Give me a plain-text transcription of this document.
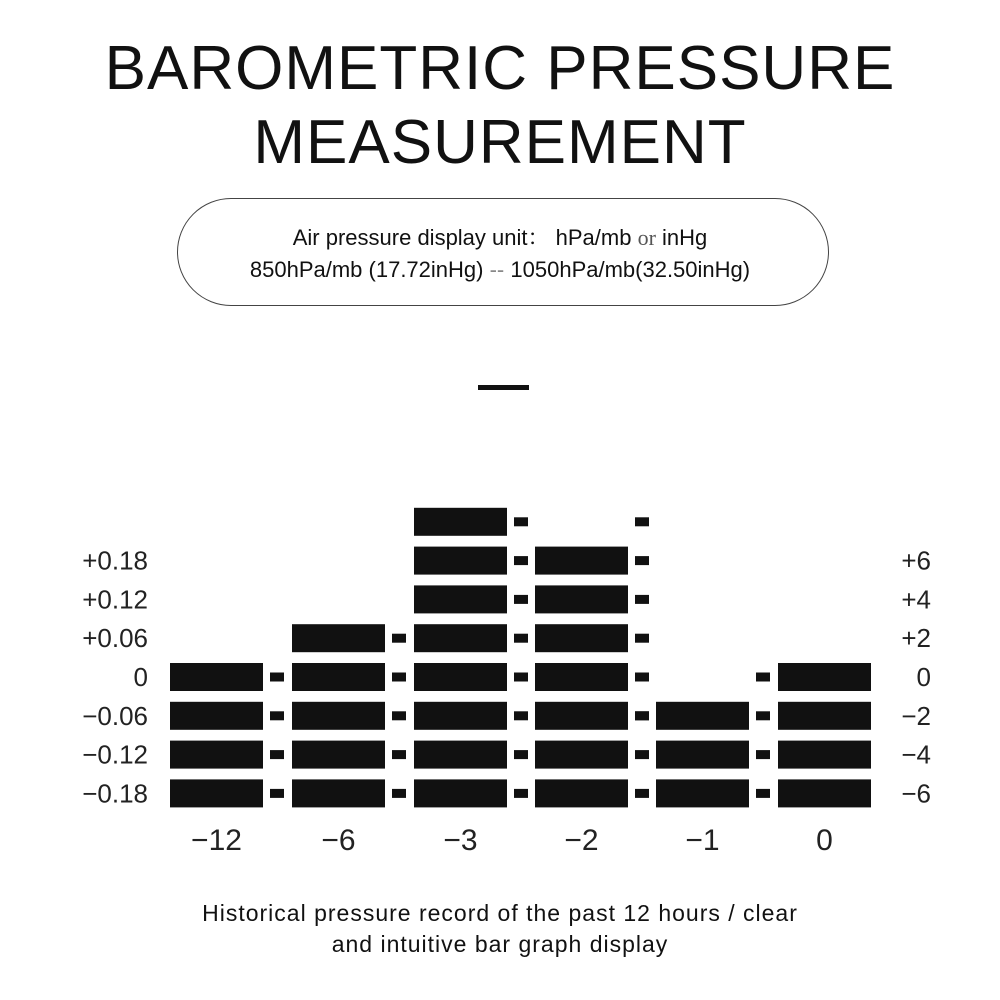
BAROMETRIC PRESSURE
MEASUREMENT
Air pressure display unit： hPa/mb or inHg
850hPa/mb (17.72inHg) -- 1050hPa/mb(32.50inHg)
+0.18
+0.12
+0.06
0
−0.06
−0.12
−0.18
+6
+4
+2
0
−2
−4
−6
−12	−6	−3	−2	−1	0
Historical pressure record of the past 12 hours / clear
and intuitive bar graph display
